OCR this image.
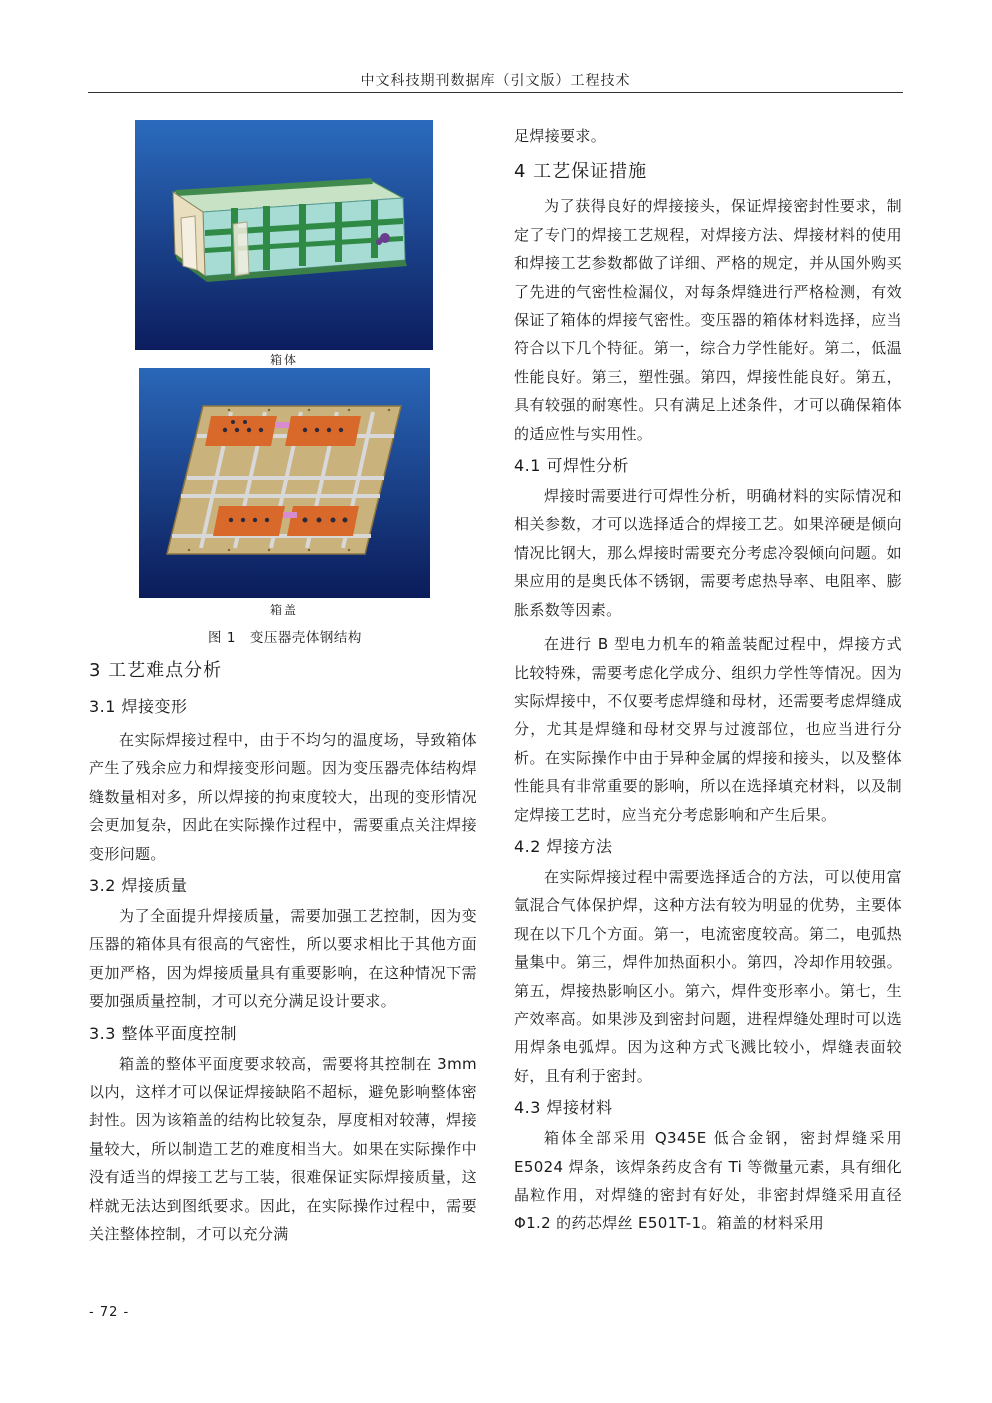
中文科技期刊数据库（引文版）工程技术
箱体
箱盖
图 1　变压器壳体钢结构
3 工艺难点分析
3.1 焊接变形

在实际焊接过程中，由于不均匀的温度场，导致箱体产生了残余应力和焊接变形问题。因为变压器壳体结构焊缝数量相对多，所以焊接的拘束度较大，出现的变形情况会更加复杂，因此在实际操作过程中，需要重点关注焊接变形问题。

3.2 焊接质量

为了全面提升焊接质量，需要加强工艺控制，因为变压器的箱体具有很高的气密性，所以要求相比于其他方面更加严格，因为焊接质量具有重要影响，在这种情况下需要加强质量控制，才可以充分满足设计要求。

3.3 整体平面度控制

箱盖的整体平面度要求较高，需要将其控制在 3mm 以内，这样才可以保证焊接缺陷不超标，避免影响整体密封性。因为该箱盖的结构比较复杂，厚度相对较薄，焊接量较大，所以制造工艺的难度相当大。如果在实际操作中没有适当的焊接工艺与工装，很难保证实际焊接质量，这样就无法达到图纸要求。因此，在实际操作过程中，需要关注整体控制，才可以充分满

足焊接要求。

4 工艺保证措施

为了获得良好的焊接接头，保证焊接密封性要求，制定了专门的焊接工艺规程，对焊接方法、焊接材料的使用和焊接工艺参数都做了详细、严格的规定，并从国外购买了先进的气密性检漏仪，对每条焊缝进行严格检测，有效保证了箱体的焊接气密性。变压器的箱体材料选择，应当符合以下几个特征。第一，综合力学性能好。第二，低温性能良好。第三，塑性强。第四，焊接性能良好。第五，具有较强的耐寒性。只有满足上述条件，才可以确保箱体的适应性与实用性。

4.1 可焊性分析

焊接时需要进行可焊性分析，明确材料的实际情况和相关参数，才可以选择适合的焊接工艺。如果淬硬是倾向情况比钢大，那么焊接时需要充分考虑冷裂倾向问题。如果应用的是奥氏体不锈钢，需要考虑热导率、电阻率、膨胀系数等因素。

在进行 B 型电力机车的箱盖装配过程中，焊接方式比较特殊，需要考虑化学成分、组织力学性等情况。因为实际焊接中，不仅要考虑焊缝和母材，还需要考虑焊缝成分，尤其是焊缝和母材交界与过渡部位，也应当进行分析。在实际操作中由于异种金属的焊接和接头，以及整体性能具有非常重要的影响，所以在选择填充材料，以及制定焊接工艺时，应当充分考虑影响和产生后果。

4.2 焊接方法

在实际焊接过程中需要选择适合的方法，可以使用富氩混合气体保护焊，这种方法有较为明显的优势，主要体现在以下几个方面。第一，电流密度较高。第二，电弧热量集中。第三，焊件加热面积小。第四，冷却作用较强。第五，焊接热影响区小。第六，焊件变形率小。第七，生产效率高。如果涉及到密封问题，进程焊缝处理时可以选用焊条电弧焊。因为这种方式飞溅比较小，焊缝表面较好，且有利于密封。

4.3 焊接材料

箱体全部采用 Q345E 低合金钢，密封焊缝采用 E5024 焊条，该焊条药皮含有 Ti 等微量元素，具有细化晶粒作用，对焊缝的密封有好处，非密封焊缝采用直径Φ1.2 的药芯焊丝 E501T-1。箱盖的材料采用

- 72 -
